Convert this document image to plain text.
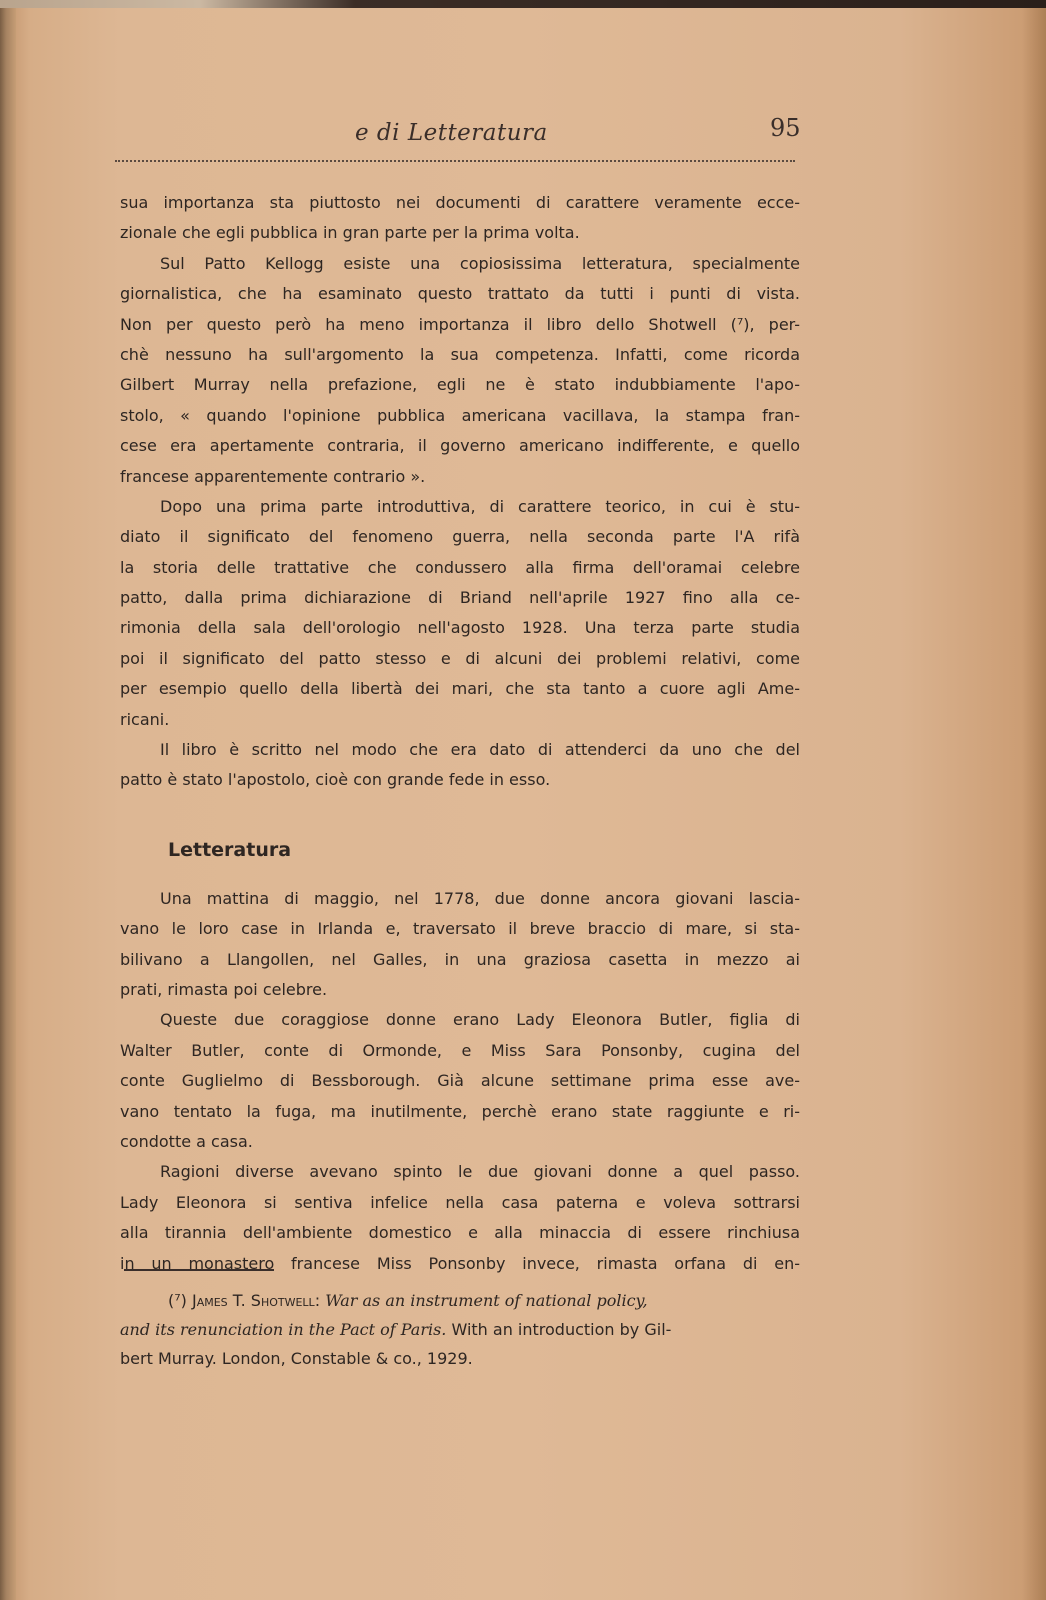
e di Letteratura	95
sua importanza sta piuttosto nei documenti di carattere veramente ecce-
zionale che egli pubblica in gran parte per la prima volta.
Sul Patto Kellogg esiste una copiosissima letteratura, specialmente
giornalistica, che ha esaminato questo trattato da tutti i punti di vista.
Non per questo però ha meno importanza il libro dello Shotwell (⁷), per-
chè nessuno ha sull'argomento la sua competenza. Infatti, come ricorda
Gilbert Murray nella prefazione, egli ne è stato indubbiamente l'apo-
stolo, « quando l'opinione pubblica americana vacillava, la stampa fran-
cese era apertamente contraria, il governo americano indifferente, e quello
francese apparentemente contrario ».
Dopo una prima parte introduttiva, di carattere teorico, in cui è stu-
diato il significato del fenomeno guerra, nella seconda parte l'A rifà
la storia delle trattative che condussero alla firma dell'oramai celebre
patto, dalla prima dichiarazione di Briand nell'aprile 1927 fino alla ce-
rimonia della sala dell'orologio nell'agosto 1928. Una terza parte studia
poi il significato del patto stesso e di alcuni dei problemi relativi, come
per esempio quello della libertà dei mari, che sta tanto a cuore agli Ame-
ricani.
Il libro è scritto nel modo che era dato di attenderci da uno che del
patto è stato l'apostolo, cioè con grande fede in esso.
Letteratura
Una mattina di maggio, nel 1778, due donne ancora giovani lascia-
vano le loro case in Irlanda e, traversato il breve braccio di mare, si sta-
bilivano a Llangollen, nel Galles, in una graziosa casetta in mezzo ai
prati, rimasta poi celebre.
Queste due coraggiose donne erano Lady Eleonora Butler, figlia di
Walter Butler, conte di Ormonde, e Miss Sara Ponsonby, cugina del
conte Guglielmo di Bessborough. Già alcune settimane prima esse ave-
vano tentato la fuga, ma inutilmente, perchè erano state raggiunte e ri-
condotte a casa.
Ragioni diverse avevano spinto le due giovani donne a quel passo.
Lady Eleonora si sentiva infelice nella casa paterna e voleva sottrarsi
alla tirannia dell'ambiente domestico e alla minaccia di essere rinchiusa
in un monastero francese Miss Ponsonby invece, rimasta orfana di en-
(⁷) James T. Shotwell: War as an instrument of national policy,
and its renunciation in the Pact of Paris. With an introduction by Gil-
bert Murray. London, Constable & co., 1929.
